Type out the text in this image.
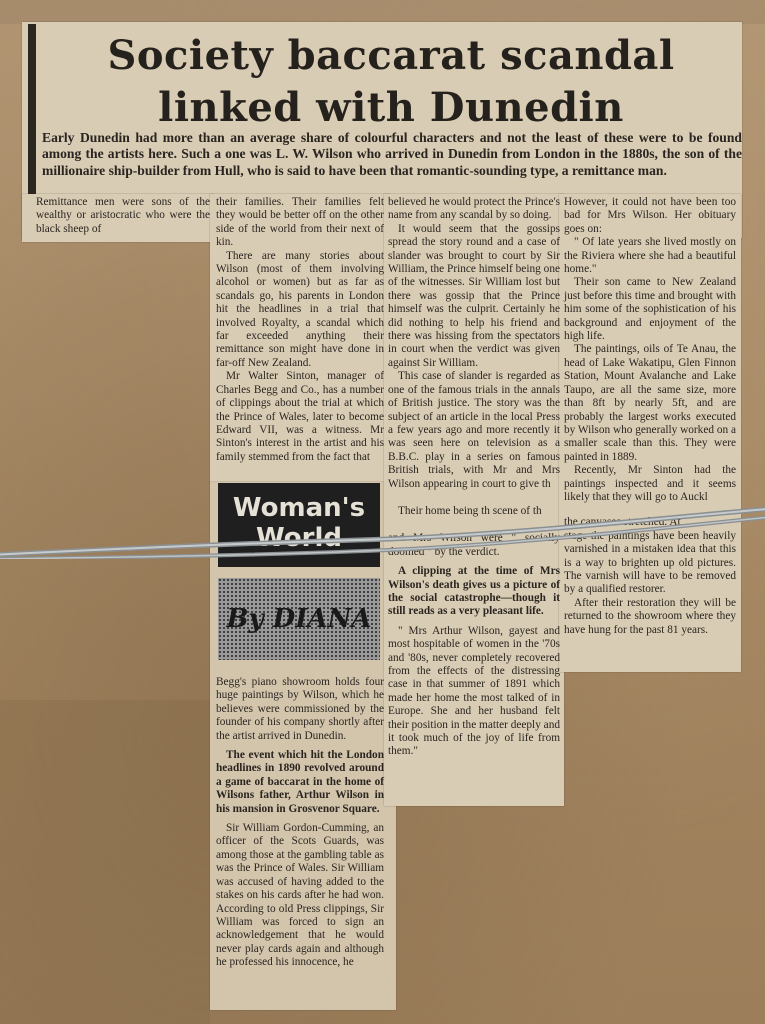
Society baccarat scandal
linked with Dunedin
Early Dunedin had more than an average share of colourful characters and not the least of these were to be found among the artists here. Such a one was L. W. Wilson who arrived in Dunedin from London in the 1880s, the son of the millionaire ship-builder from Hull, who is said to have been that romantic-sounding type, a remittance man.

Remittance men were sons of the wealthy or aristocratic who were the black sheep of

their families. Their families felt they would be better off on the other side of the world from their next of kin.

There are many stories about Wilson (most of them involving alcohol or women) but as far as scandals go, his parents in London hit the headlines in a trial that involved Royalty, a scandal which far exceeded anything their remittance son might have done in far-off New Zealand.

Mr Walter Sinton, manager of Charles Begg and Co., has a number of clippings about the trial at which the Prince of Wales, later to become Edward VII, was a witness. Mr Sinton's interest in the artist and his family stemmed from the fact that

Woman's World
By DIANA

Begg's piano showroom holds four huge paintings by Wilson, which he believes were commissioned by the founder of his company shortly after the artist arrived in Dunedin.

The event which hit the London headlines in 1890 revolved around a game of baccarat in the home of Wilsons father, Arthur Wilson in his mansion in Grosvenor Square.

Sir William Gordon-Cumming, an officer of the Scots Guards, was among those at the gambling table as was the Prince of Wales. Sir William was accused of having added to the stakes on his cards after he had won. According to old Press clippings, Sir William was forced to sign an acknowledgement that he would never play cards again and although he professed his innocence, he

believed he would protect the Prince's name from any scandal by so doing.

It would seem that the gossips spread the story round and a case of slander was brought to court by Sir William, the Prince himself being one of the witnesses. Sir William lost but there was gossip that the Prince himself was the culprit. Certainly he did nothing to help his friend and there was hissing from the spectators in court when the verdict was given against Sir William.

This case of slander is regarded as one of the famous trials in the annals of British justice. The story was the subject of an article in the local Press a few years ago and more recently it was seen here on television as a B.B.C. play in a series on famous British trials, with Mr and Mrs Wilson appearing in court to give th

Their home being th scene of th

and Mrs Wilson were " socially doomed " by the verdict.

A clipping at the time of Mrs Wilson's death gives us a picture of the social catastrophe—though it still reads as a very pleasant life.

" Mrs Arthur Wilson, gayest and most hospitable of women in the '70s and '80s, never completely recovered from the effects of the distressing case in that summer of 1891 which made her home the most talked of in Europe. She and her husband felt their position in the matter deeply and it took much of the joy of life from them."

However, it could not have been too bad for Mrs Wilson. Her obituary goes on:

" Of late years she lived mostly on the Riviera where she had a beautiful home."

Their son came to New Zealand just before this time and brought with him some of the sophistication of his background and enjoyment of the high life.

The paintings, oils of Te Anau, the head of Lake Wakatipu, Glen Finnon Station, Mount Avalanche and Lake Taupo, are all the same size, more than 8ft by nearly 5ft, and are probably the largest works executed by Wilson who generally worked on a smaller scale than this. They were painted in 1889.

Recently, Mr Sinton had the paintings inspected and it seems likely that they will go to Auckl

the canvases stretched. At

stage the paintings have been heavily varnished in a mistaken idea that this is a way to brighten up old pictures. The varnish will have to be removed by a qualified restorer.

After their restoration they will be returned to the showroom where they have hung for the past 81 years.
